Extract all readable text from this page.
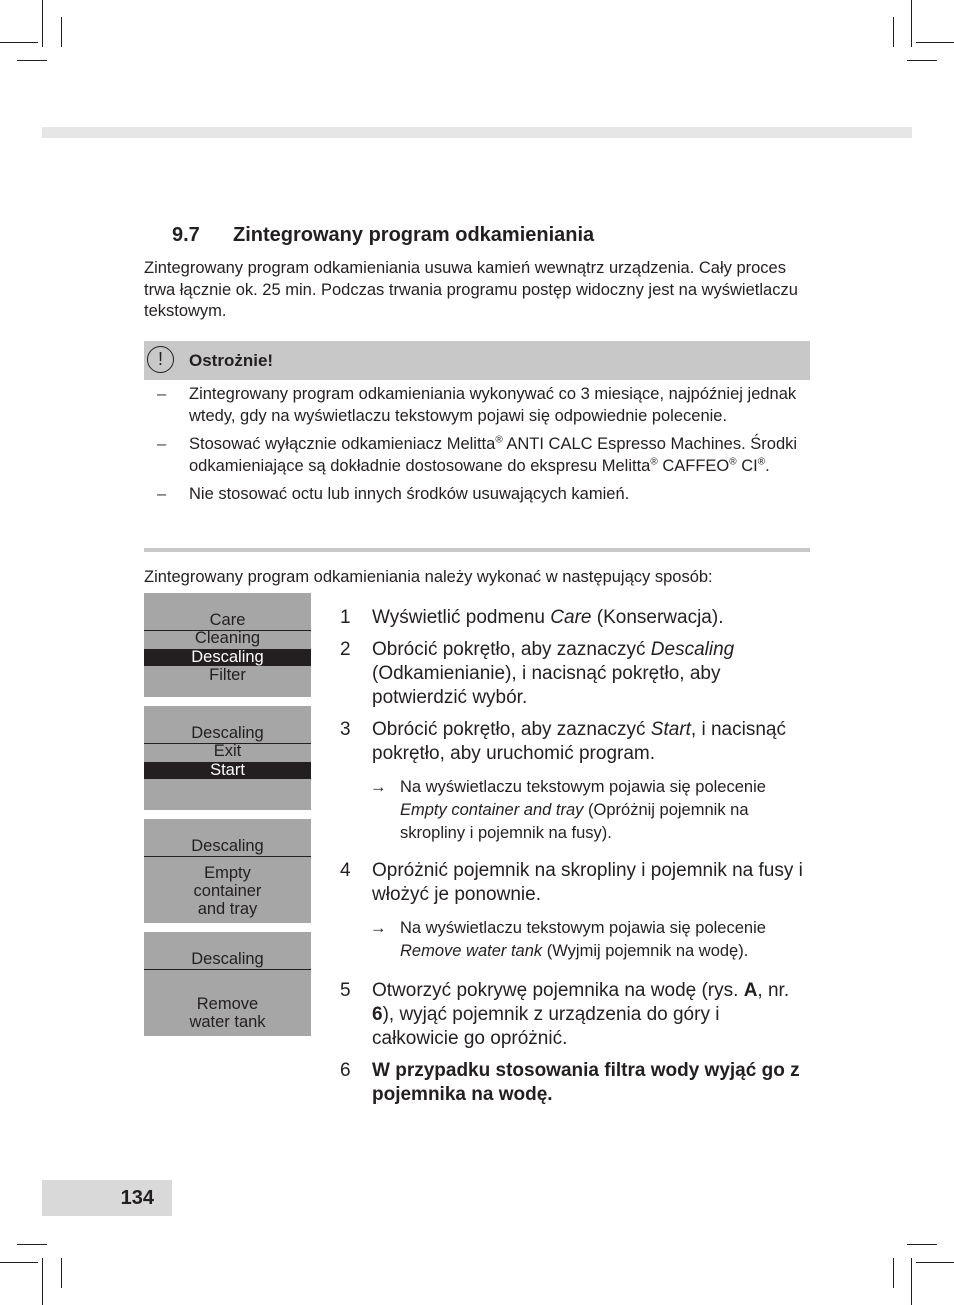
9.7 Zintegrowany program odkamieniania
Zintegrowany program odkamieniania usuwa kamień wewnątrz urządzenia. Cały proces trwa łącznie ok. 25 min. Podczas trwania programu postęp widoczny jest na wyświetlaczu tekstowym.
!	Ostrożnie!
– Zintegrowany program odkamieniania wykonywać co 3 miesiące, najpóźniej jednak wtedy, gdy na wyświetlaczu tekstowym pojawi się odpowiednie polecenie.
– Stosować wyłącznie odkamieniacz Melitta® ANTI CALC Espresso Machines. Środki odkamieniające są dokładnie dostosowane do ekspresu Melitta® CAFFEO® CI®.
– Nie stosować octu lub innych środków usuwających kamień.
Zintegrowany program odkamieniania należy wykonać w następujący sposób:
Care
Cleaning
Descaling
Filter
Descaling
Exit
Start
Descaling
Empty
container
and tray
Descaling
Remove
water tank
1 Wyświetlić podmenu Care (Konserwacja).
2 Obrócić pokrętło, aby zaznaczyć Descaling (Odkamienianie), i nacisnąć pokrętło, aby potwierdzić wybór.
3 Obrócić pokrętło, aby zaznaczyć Start, i nacisnąć pokrętło, aby uruchomić program.
→ Na wyświetlaczu tekstowym pojawia się polecenie Empty container and tray (Opróżnij pojemnik na skropliny i pojemnik na fusy).
4 Opróżnić pojemnik na skropliny i pojemnik na fusy i włożyć je ponownie.
→ Na wyświetlaczu tekstowym pojawia się polecenie Remove water tank (Wyjmij pojemnik na wodę).
5 Otworzyć pokrywę pojemnika na wodę (rys. A, nr. 6), wyjąć pojemnik z urządzenia do góry i całkowicie go opróżnić.
6 W przypadku stosowania filtra wody wyjąć go z pojemnika na wodę.
134
